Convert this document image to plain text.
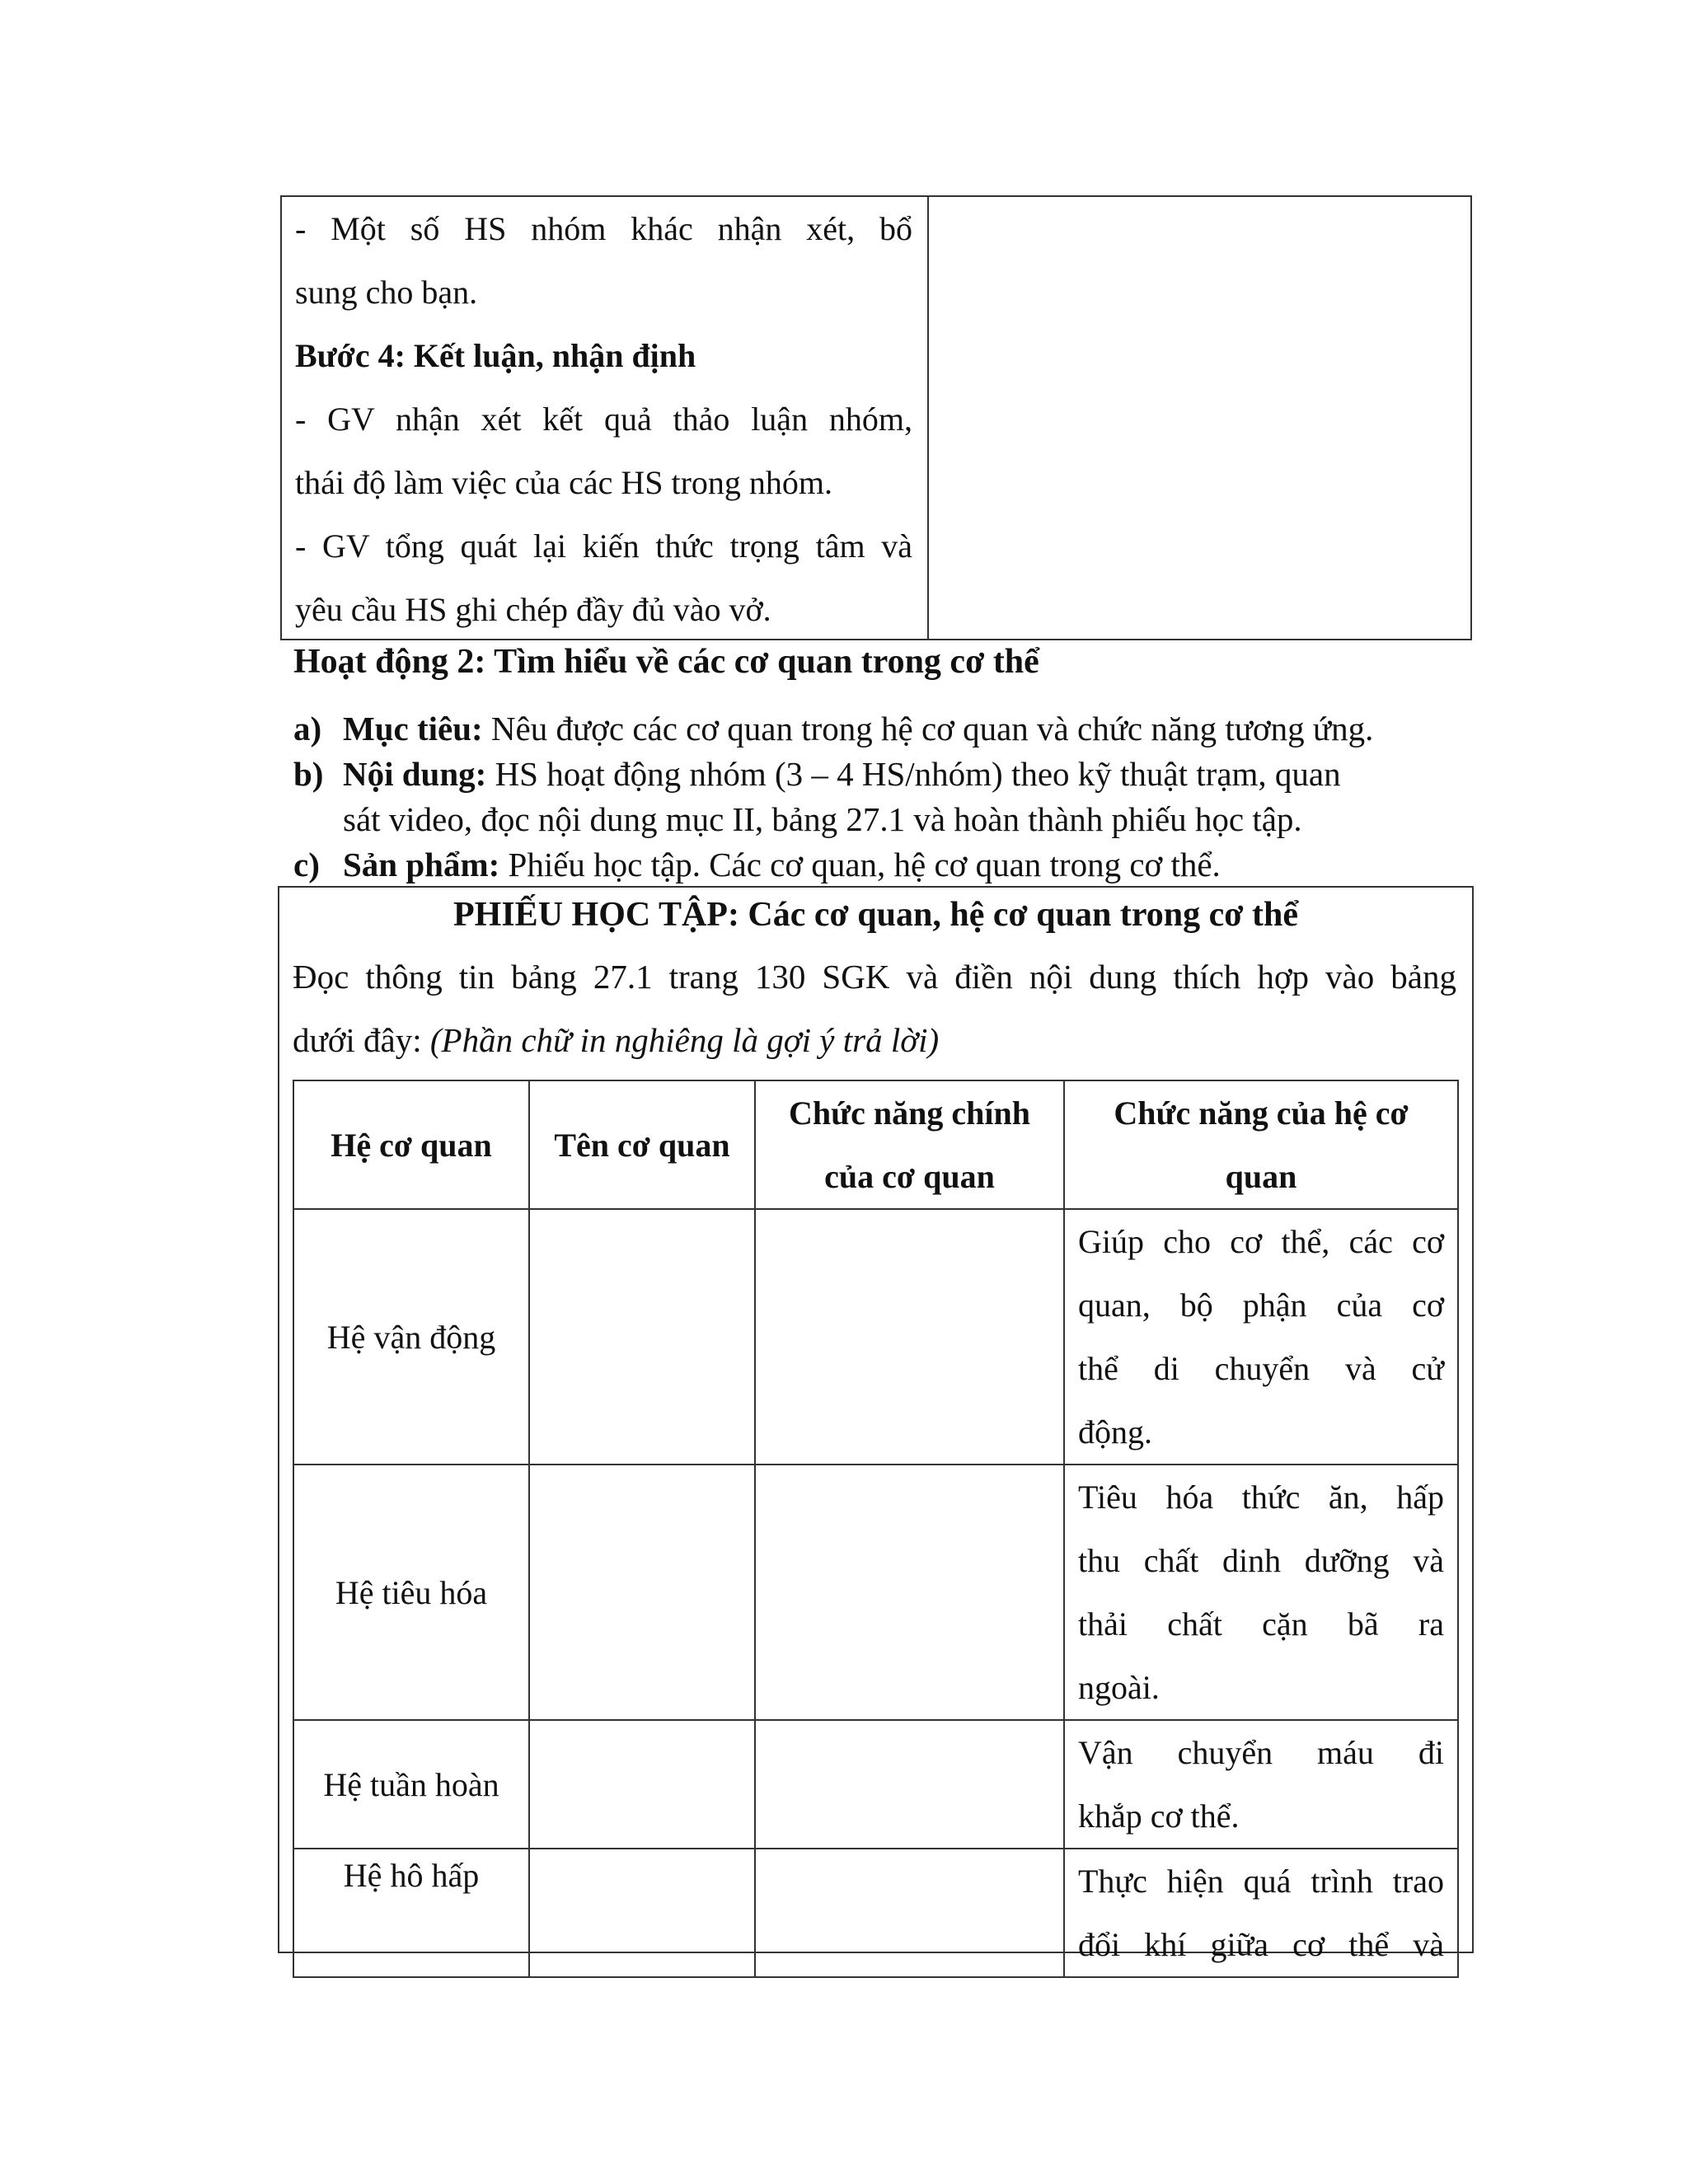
- Một số HS nhóm khác nhận xét, bổ

sung cho bạn.

Bước 4: Kết luận, nhận định

- GV nhận xét kết quả thảo luận nhóm,

thái độ làm việc của các HS trong nhóm.

- GV tổng quát lại kiến thức trọng tâm và

yêu cầu HS ghi chép đầy đủ vào vở.

Hoạt động 2: Tìm hiểu về các cơ quan trong cơ thể

a) Mục tiêu: Nêu được các cơ quan trong hệ cơ quan và chức năng tương ứng.
b) Nội dung: HS hoạt động nhóm (3 – 4 HS/nhóm) theo kỹ thuật trạm, quan
sát video, đọc nội dung mục II, bảng 27.1 và hoàn thành phiếu học tập.
c) Sản phẩm: Phiếu học tập. Các cơ quan, hệ cơ quan trong cơ thể.

PHIẾU HỌC TẬP: Các cơ quan, hệ cơ quan trong cơ thể

Đọc thông tin bảng 27.1 trang 130 SGK và điền nội dung thích hợp vào bảng

dưới đây: (Phần chữ in nghiêng là gợi ý trả lời)

Hệ cơ quan	Tên cơ quan	Chức năng chính
của cơ quan	Chức năng của hệ cơ
quan
Hệ vận động			Giúp cho cơ thể, các cơ
quan, bộ phận của cơ
thể di chuyển và cử
động.

Hệ tiêu hóa			Tiêu hóa thức ăn, hấp
thu chất dinh dưỡng và
thải chất cặn bã ra
ngoài.

Hệ tuần hoàn			Vận chuyển máu đi
khắp cơ thể.

Hệ hô hấp			Thực hiện quá trình trao
đổi khí giữa cơ thể và
